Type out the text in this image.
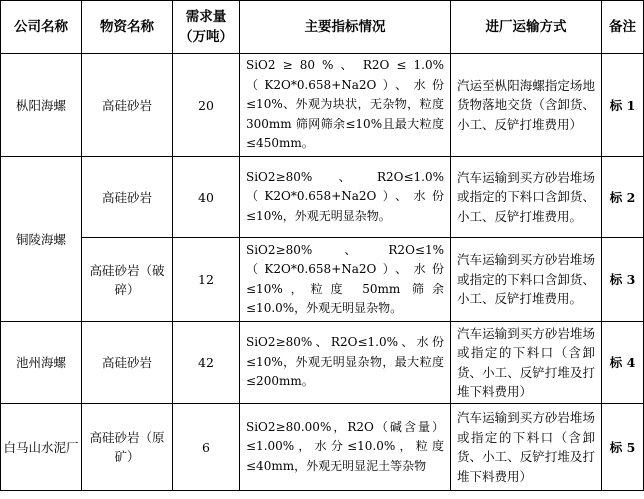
公司名称	物资名称	需求量（万吨）	主要指标情况	进厂运输方式	备注
枞阳海螺	高硅砂岩	20	SiO2 ≥ 80 % 、 R2O ≤ 1.0%（K2O*0.658+Na2O）、水份≤10%、外观为块状，无杂物，粒度 300mm 筛网筛余≤10%且最大粒度≤450mm。	汽运至枞阳海螺指定场地货物落地交货（含卸货、小工、反铲打堆费用）	标 1
铜陵海螺	高硅砂岩	40	SiO2≥80%、R2O≤1.0%（K2O*0.658+Na2O）、水份≤10%，外观无明显杂物。	汽车运输到买方砂岩堆场或指定的下料口含卸货、小工、反铲打堆费用。	标 2
	高硅砂岩（破碎）	12	SiO2≥80%、R2O≤1%（K2O*0.658+Na2O）、水份≤10%，粒度 50mm 筛余≤10.0%，外观无明显杂物。	汽车运输到买方砂岩堆场或指定的下料口含卸货、小工、反铲打堆费用。	标 3
池州海螺	高硅砂岩	42	SiO2≥80%、R2O≤1.0%、水份≤10%，外观无明显杂物，最大粒度≤200mm。	汽车运输到买方砂岩堆场或指定的下料口（含卸货、小工、反铲打堆及打堆下料费用）	标 4
白马山水泥厂	高硅砂岩（原矿）	6	SiO2≥80.00%，R2O（碱含量）≤1.00%，水分≤10.0%，粒度≤40mm，外观无明显泥土等杂物	汽车运输到买方砂岩堆场或指定的下料口（含卸货、小工、反铲打堆及打堆下料费用）	标 5
